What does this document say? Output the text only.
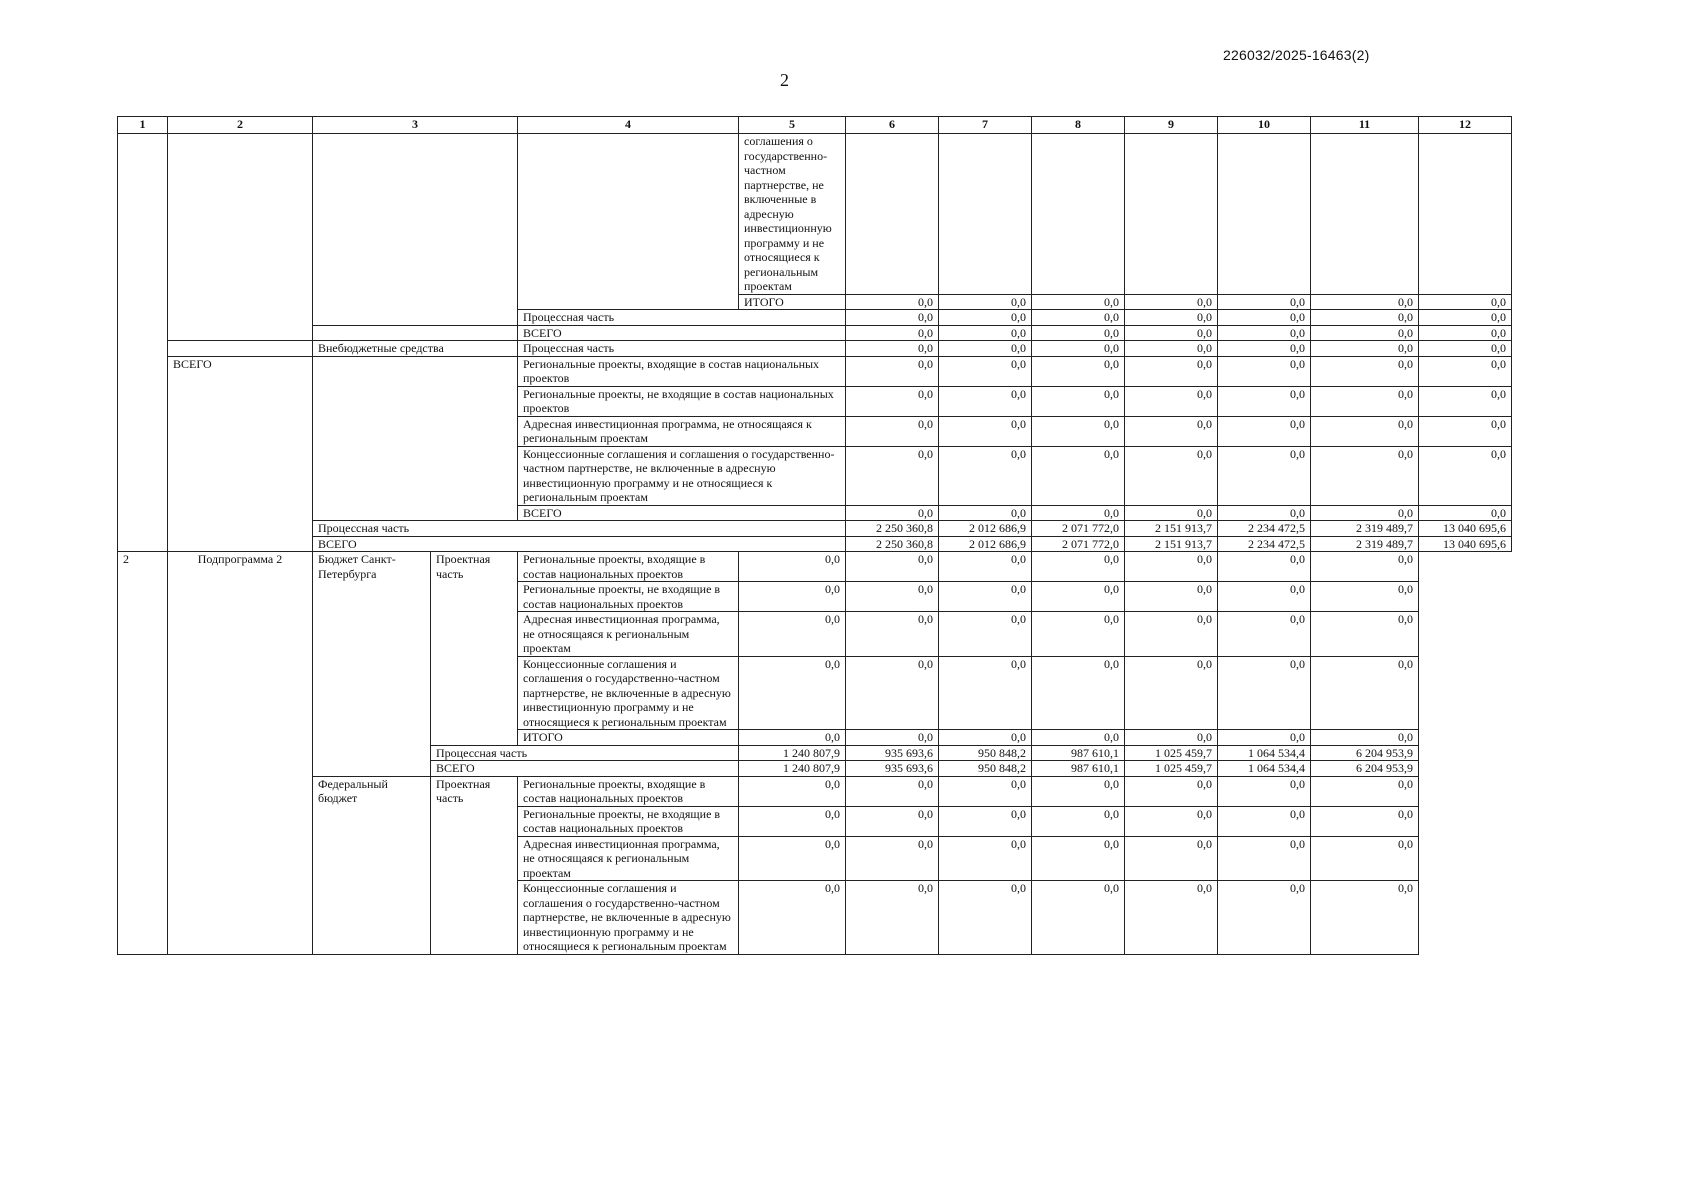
226032/2025-16463(2)
2
1	2	3		4	5	6	7	8	9	10	11	12
					соглашения о государственно-частном партнерстве, не включенные в адресную инвестиционную программу и не относящиеся к региональным проектам							
					ИТОГО	0,0	0,0	0,0	0,0	0,0	0,0	0,0
				Процессная часть		0,0	0,0	0,0	0,0	0,0	0,0	0,0
				ВСЕГО		0,0	0,0	0,0	0,0	0,0	0,0	0,0
		Внебюджетные средства		Процессная часть		0,0	0,0	0,0	0,0	0,0	0,0	0,0
	ВСЕГО			Региональные проекты, входящие в состав национальных проектов		0,0	0,0	0,0	0,0	0,0	0,0	0,0
				Региональные проекты, не входящие в состав национальных проектов		0,0	0,0	0,0	0,0	0,0	0,0	0,0
				Адресная инвестиционная программа, не относящаяся к региональным проектам		0,0	0,0	0,0	0,0	0,0	0,0	0,0
				Концессионные соглашения и соглашения о государственно-частном партнерстве, не включенные в адресную инвестиционную программу и не относящиеся к региональным проектам		0,0	0,0	0,0	0,0	0,0	0,0	0,0
				ВСЕГО		0,0	0,0	0,0	0,0	0,0	0,0	0,0
		Процессная часть				2 250 360,8	2 012 686,9	2 071 772,0	2 151 913,7	2 234 472,5	2 319 489,7	13 040 695,6
		ВСЕГО				2 250 360,8	2 012 686,9	2 071 772,0	2 151 913,7	2 234 472,5	2 319 489,7	13 040 695,6
2	Подпрограмма 2	Бюджет Санкт-Петербурга	Проектная часть	Региональные проекты, входящие в состав национальных проектов	0,0	0,0	0,0	0,0	0,0	0,0	0,0	
				Региональные проекты, не входящие в состав национальных проектов	0,0	0,0	0,0	0,0	0,0	0,0	0,0	
				Адресная инвестиционная программа, не относящаяся к региональным проектам	0,0	0,0	0,0	0,0	0,0	0,0	0,0	
				Концессионные соглашения и соглашения о государственно-частном партнерстве, не включенные в адресную инвестиционную программу и не относящиеся к региональным проектам	0,0	0,0	0,0	0,0	0,0	0,0	0,0	
				ИТОГО	0,0	0,0	0,0	0,0	0,0	0,0	0,0	
			Процессная часть		1 240 807,9	935 693,6	950 848,2	987 610,1	1 025 459,7	1 064 534,4	6 204 953,9	
			ВСЕГО		1 240 807,9	935 693,6	950 848,2	987 610,1	1 025 459,7	1 064 534,4	6 204 953,9	
		Федеральный бюджет	Проектная часть	Региональные проекты, входящие в состав национальных проектов	0,0	0,0	0,0	0,0	0,0	0,0	0,0	
				Региональные проекты, не входящие в состав национальных проектов	0,0	0,0	0,0	0,0	0,0	0,0	0,0	
				Адресная инвестиционная программа, не относящаяся к региональным проектам	0,0	0,0	0,0	0,0	0,0	0,0	0,0	
				Концессионные соглашения и соглашения о государственно-частном партнерстве, не включенные в адресную инвестиционную программу и не относящиеся к региональным проектам	0,0	0,0	0,0	0,0	0,0	0,0	0,0	
